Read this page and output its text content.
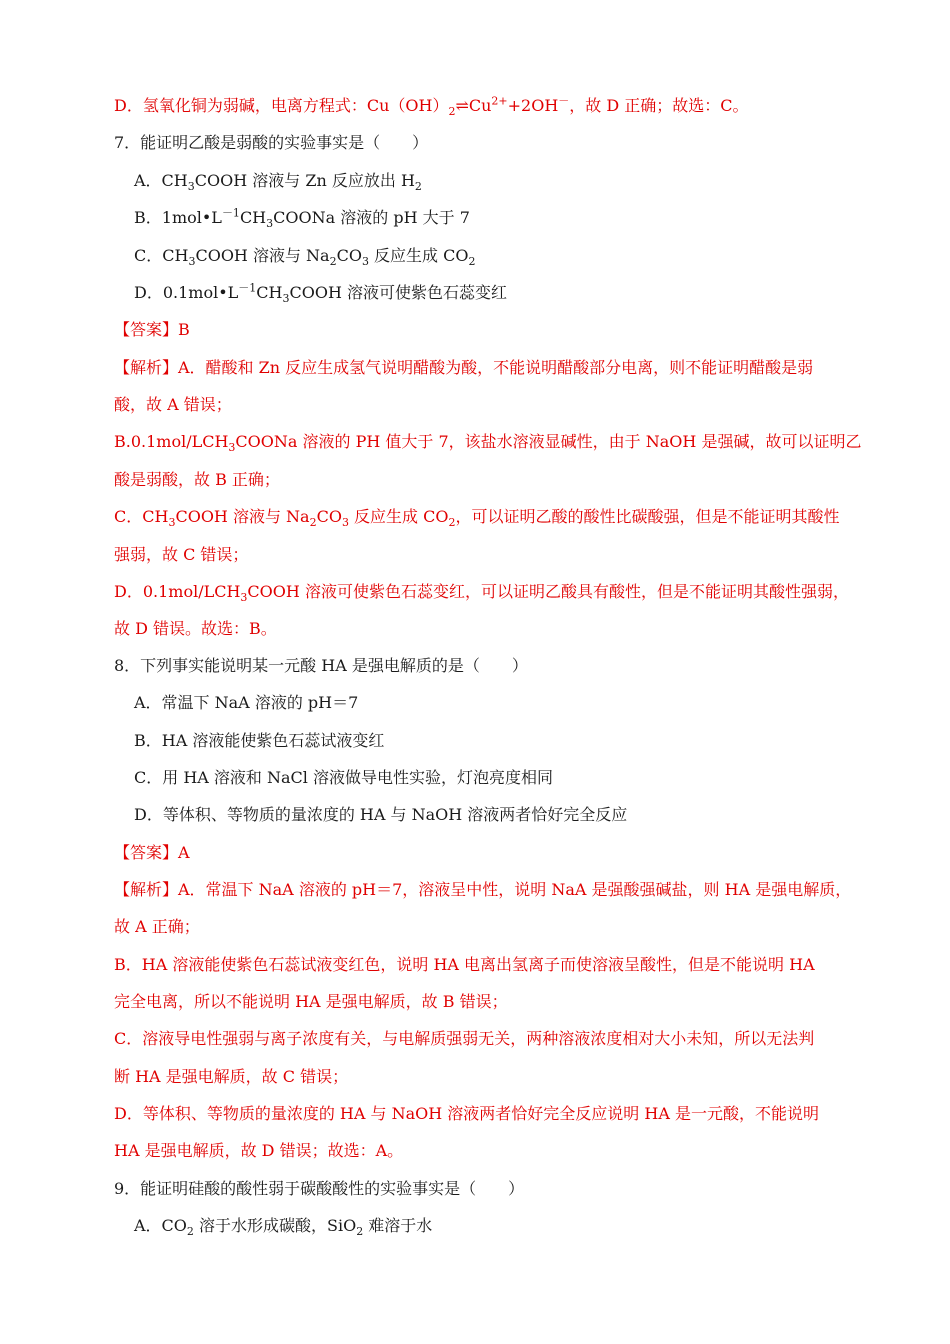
D．氢氧化铜为弱碱，电离方程式：$Cu(OH)_2\rightleftharpoons Cu^{2+}+2OH^-$，故 D 正确；故选：C。
7．能证明乙酸是弱酸的实验事实是（　　）
A．$CH_3COOH$ 溶液与 Zn 反应放出 $H_2$
B．$1mol•L^{-1}CH_3COONa$ 溶液的 pH 大于 7
C．$CH_3COOH$ 溶液与 $Na_2CO_3$ 反应生成 $CO_2$
D．$0.1mol•L^{-1}CH_3COOH$ 溶液可使紫色石蕊变红
【答案】B
【解析】A．醋酸和 Zn 反应生成氢气说明醋酸为酸，不能说明醋酸部分电离，则不能证明醋酸是弱
酸，故 A 错误；
$B.0.1mol/LCH_3COONa$ 溶液的 PH 值大于 7，该盐水溶液显碱性，由于 NaOH 是强碱，故可以证明乙
酸是弱酸，故 B 正确；
C．$CH_3COOH$ 溶液与 $Na_2CO_3$ 反应生成 $CO_2$，可以证明乙酸的酸性比碳酸强，但是不能证明其酸性
强弱，故 C 错误；
D．$0.1mol/LCH_3COOH$ 溶液可使紫色石蕊变红，可以证明乙酸具有酸性，但是不能证明其酸性强弱，
故 D 错误。故选：B。
8．下列事实能说明某一元酸 HA 是强电解质的是（　　）
A．常温下 NaA 溶液的 pH＝7
B．HA 溶液能使紫色石蕊试液变红
C．用 HA 溶液和 NaCl 溶液做导电性实验，灯泡亮度相同
D．等体积、等物质的量浓度的 HA 与 NaOH 溶液两者恰好完全反应
【答案】A
【解析】A．常温下 NaA 溶液的 pH＝7，溶液呈中性，说明 NaA 是强酸强碱盐，则 HA 是强电解质，
故 A 正确；
B．HA 溶液能使紫色石蕊试液变红色，说明 HA 电离出氢离子而使溶液呈酸性，但是不能说明 HA
完全电离，所以不能说明 HA 是强电解质，故 B 错误；
C．溶液导电性强弱与离子浓度有关，与电解质强弱无关，两种溶液浓度相对大小未知，所以无法判
断 HA 是强电解质，故 C 错误；
D．等体积、等物质的量浓度的 HA 与 NaOH 溶液两者恰好完全反应说明 HA 是一元酸，不能说明
HA 是强电解质，故 D 错误；故选：A。
9．能证明硅酸的酸性弱于碳酸酸性的实验事实是（　　）
A．$CO_2$ 溶于水形成碳酸，SiO$_2$ 难溶于水
